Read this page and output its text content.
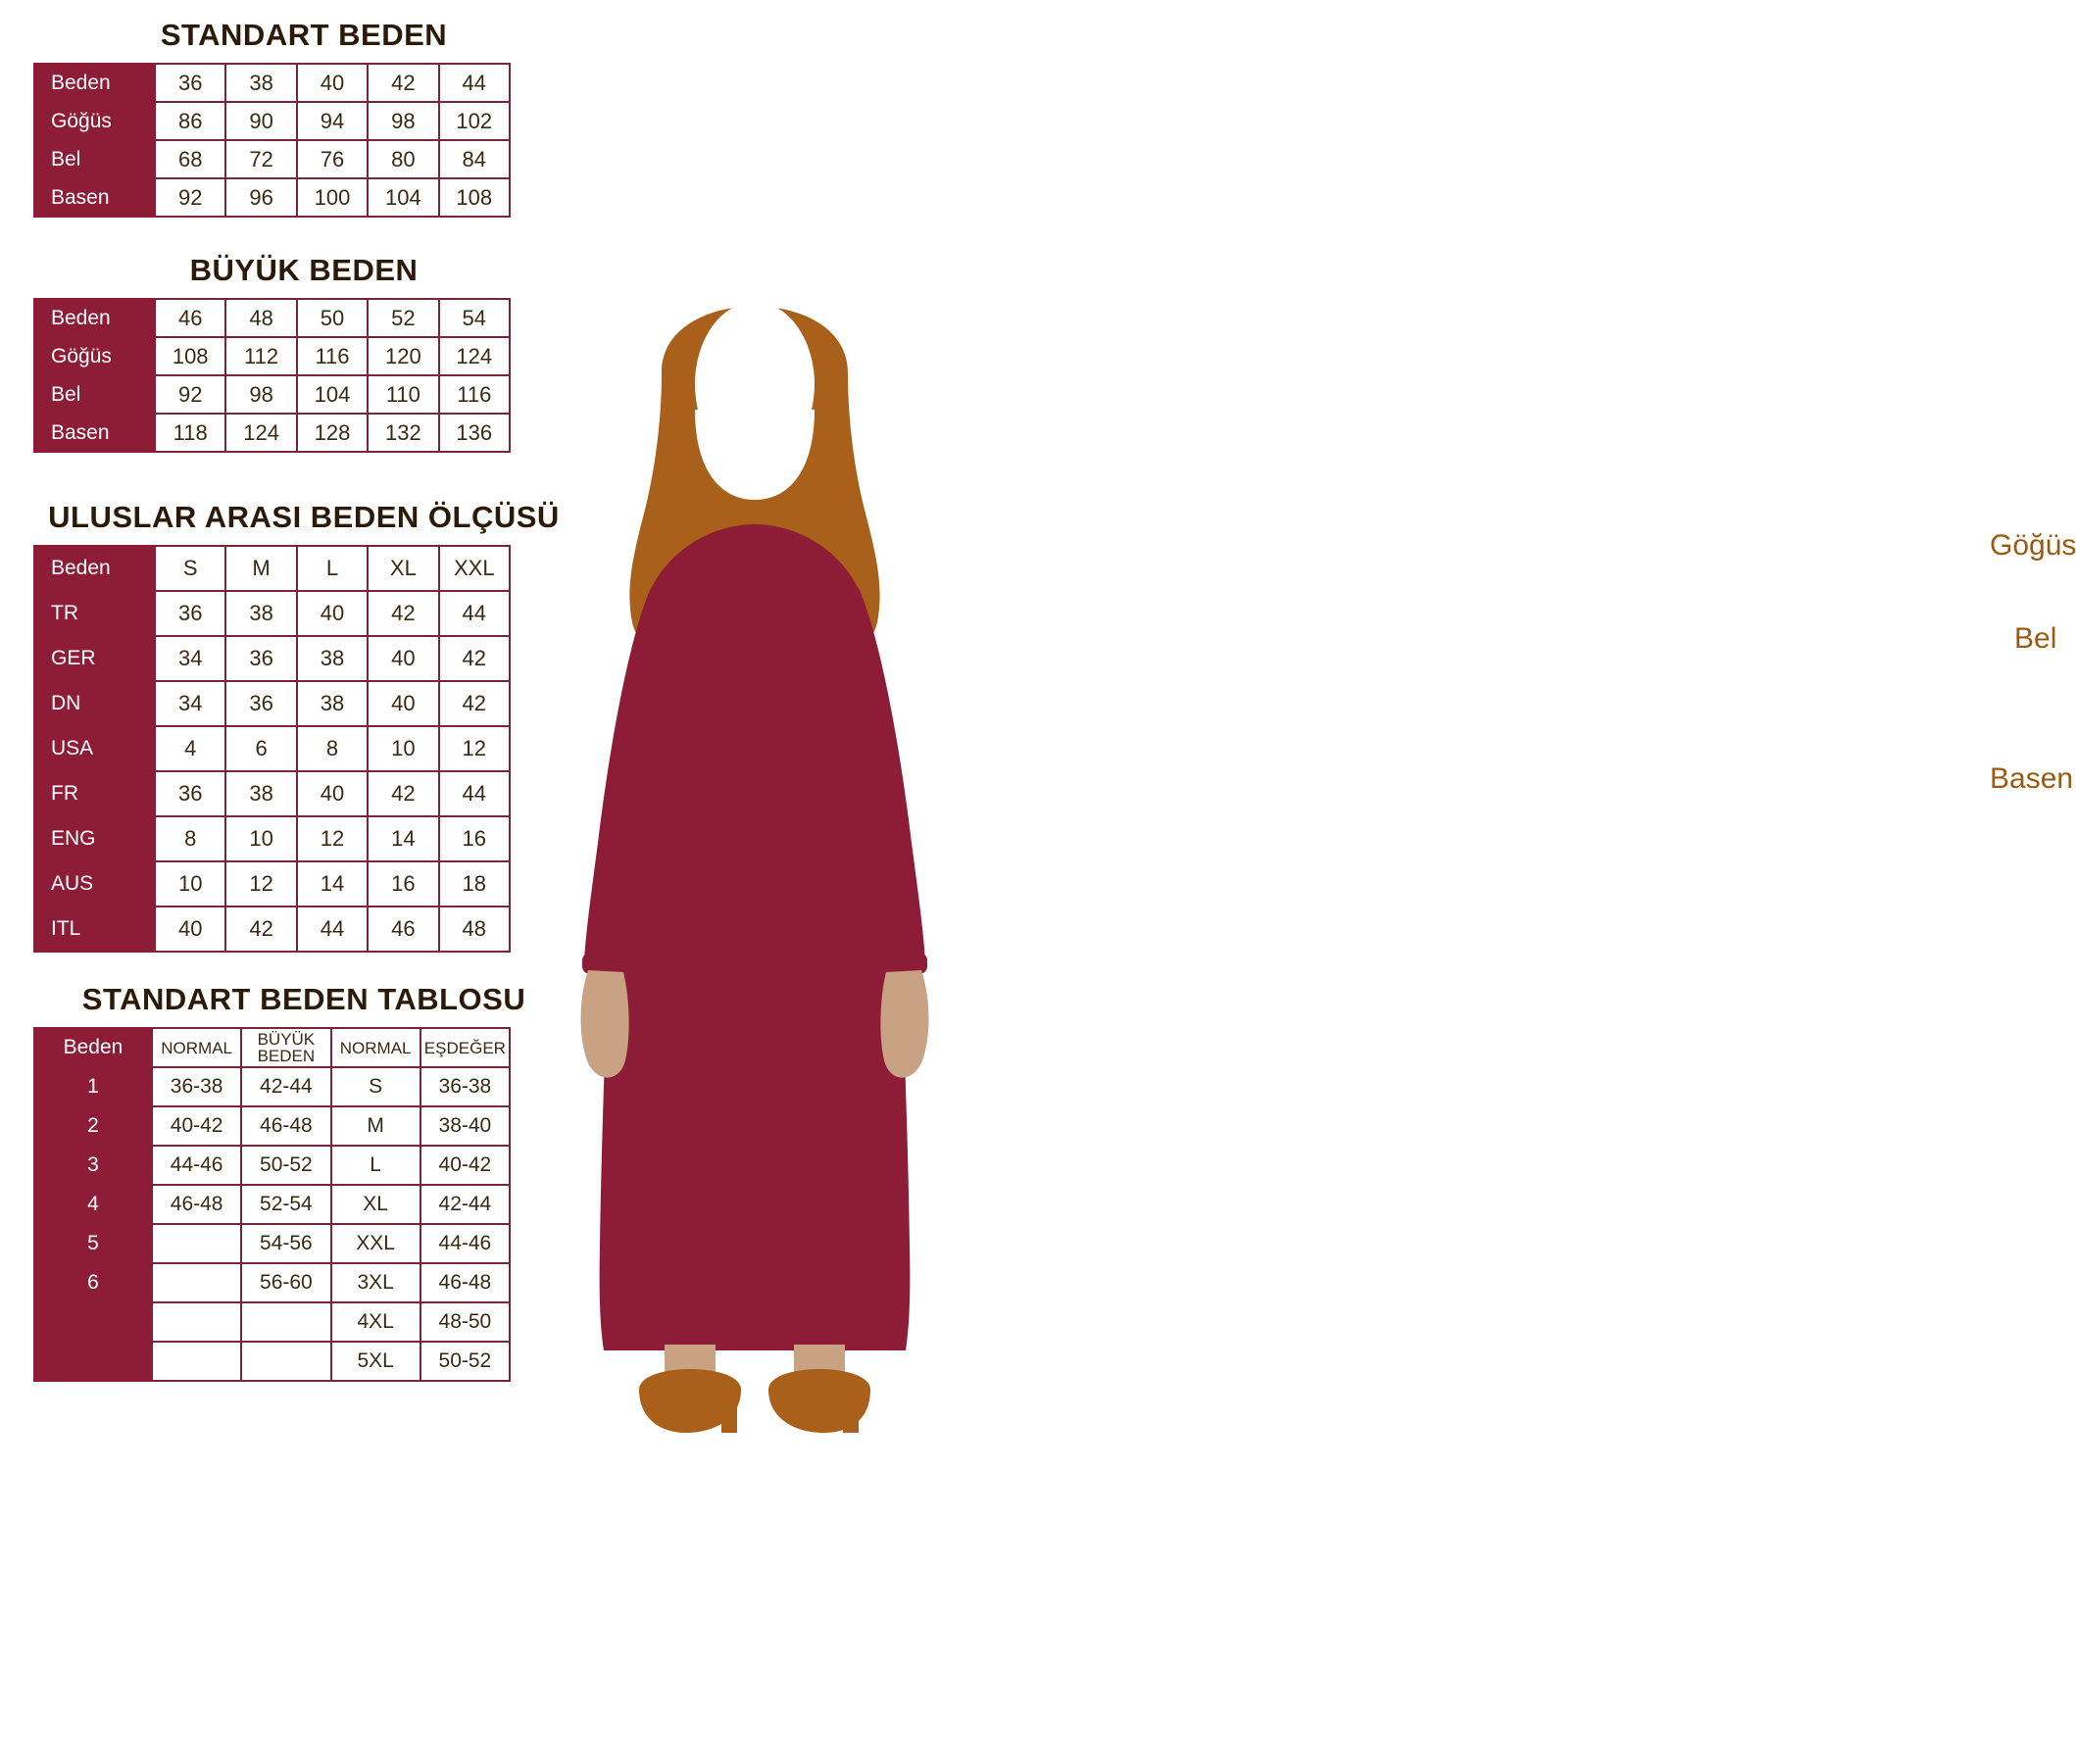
STANDART BEDEN
Beden	36	38	40	42	44
Göğüs	86	90	94	98	102
Bel	68	72	76	80	84
Basen	92	96	100	104	108
BÜYÜK BEDEN
Beden	46	48	50	52	54
Göğüs	108	112	116	120	124
Bel	92	98	104	110	116
Basen	118	124	128	132	136
ULUSLAR ARASI BEDEN ÖLÇÜSÜ
Beden	S	M	L	XL	XXL
TR	36	38	40	42	44
GER	34	36	38	40	42
DN	34	36	38	40	42
USA	4	6	8	10	12
FR	36	38	40	42	44
ENG	8	10	12	14	16
AUS	10	12	14	16	18
ITL	40	42	44	46	48
STANDART BEDEN TABLOSU
Beden	NORMAL	BÜYÜK BEDEN	NORMAL	EŞDEĞER
1	36-38	42-44	S	36-38
2	40-42	46-48	M	38-40
3	44-46	50-52	L	40-42
4	46-48	52-54	XL	42-44
5		54-56	XXL	44-46
6		56-60	3XL	46-48
			4XL	48-50
			5XL	50-52
Göğüs
Bel
Basen
